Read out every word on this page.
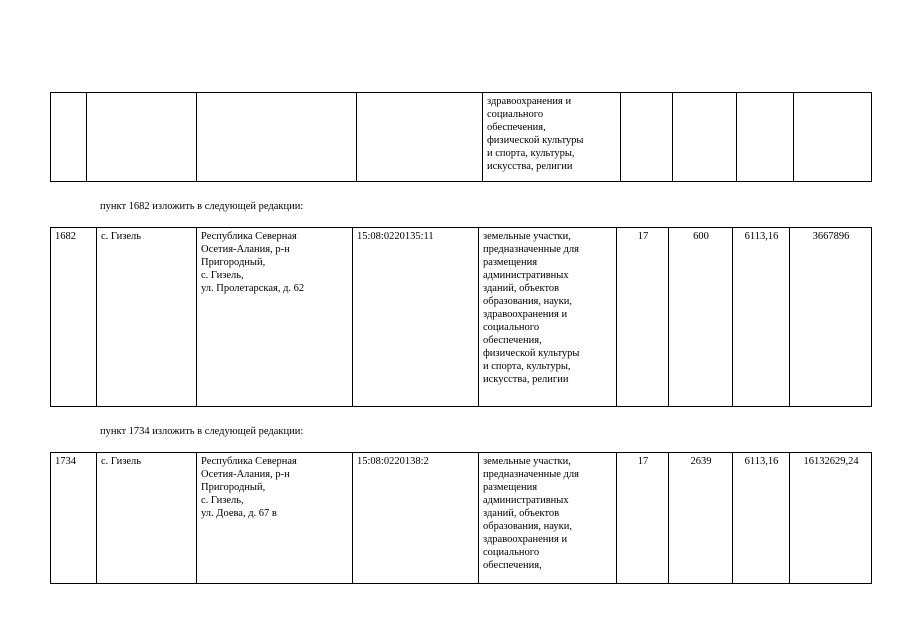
				здравоохранения и
социального
обеспечения,
физической культуры
и спорта, культуры,
искусства, религии				
пункт 1682 изложить в следующей редакции:
1682	с. Гизель	Республика Северная
Осетия-Алания, р-н
Пригородный,
с. Гизель,
ул. Пролетарская, д. 62	15:08:0220135:11	земельные участки,
предназначенные для
размещения
административных
зданий, объектов
образования, науки,
здравоохранения и
социального
обеспечения,
физической культуры
и спорта, культуры,
искусства, религии	17	600	6113,16	3667896
пункт 1734 изложить в следующей редакции:
1734	с. Гизель	Республика Северная
Осетия-Алания, р-н
Пригородный,
с. Гизель,
ул. Доева, д. 67 в	15:08:0220138:2	земельные участки,
предназначенные для
размещения
административных
зданий, объектов
образования, науки,
здравоохранения и
социального
обеспечения,	17	2639	6113,16	16132629,24
